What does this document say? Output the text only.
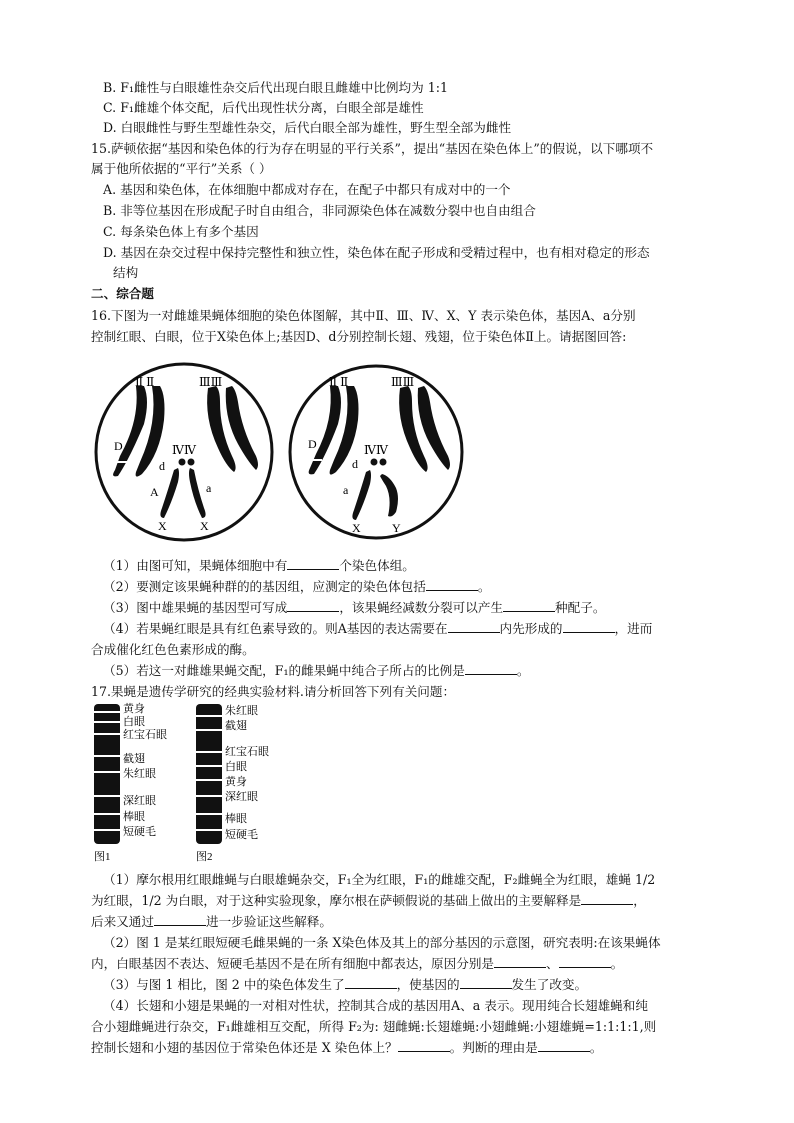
B. F₁雌性与白眼雄性杂交后代出现白眼且雌雄中比例均为 1:1
C. F₁雌雄个体交配，后代出现性状分离，白眼全部是雄性
D. 白眼雌性与野生型雄性杂交，后代白眼全部为雄性，野生型全部为雌性
15.萨顿依据“基因和染色体的行为存在明显的平行关系”，提出“基因在染色体上”的假说，以下哪项不
属于他所依据的“平行”关系（ ）
A. 基因和染色体，在体细胞中都成对存在，在配子中都只有成对中的一个
B. 非等位基因在形成配子时自由组合，非同源染色体在减数分裂中也自由组合
C. 每条染色体上有多个基因
D. 基因在杂交过程中保持完整性和独立性，染色体在配子形成和受精过程中，也有相对稳定的形态
结构
二、综合题
16.下图为一对雌雄果蝇体细胞的染色体图解，其中Ⅱ、Ⅲ、Ⅳ、X、Y 表示染色体，基因A、a分别
控制红眼、白眼，位于X染色体上;基因D、d分别控制长翅、残翅，位于染色体Ⅱ上。请据图回答:
D
d
Ⅱ Ⅱ	ⅢⅢ
ⅣⅣ
A	a
X	X
D
d
Ⅱ Ⅱ	ⅢⅢ
ⅣⅣ
a
X	Y
（1）由图可知，果蝇体细胞中有	个染色体组。
（2）要测定该果蝇种群的的基因组，应测定的染色体包括	。
（3）图中雄果蝇的基因型可写成	，该果蝇经减数分裂可以产生	种配子。
（4）若果蝇红眼是具有红色素导致的。则A基因的表达需要在	内先形成的	，进而
合成催化红色色素形成的酶。
（5）若这一对雌雄果蝇交配，F₁的雌果蝇中纯合子所占的比例是	。
17.果蝇是遗传学研究的经典实验材料.请分析回答下列有关问题：
黄身
白眼
红宝石眼
截翅
朱红眼
深红眼
棒眼
短硬毛
图1
朱红眼
截翅
红宝石眼
白眼
黄身
深红眼
棒眼
短硬毛
图2
（1）摩尔根用红眼雌蝇与白眼雄蝇杂交，F₁全为红眼，F₁的雌雄交配，F₂雌蝇全为红眼，雄蝇 1/2
为红眼，1/2 为白眼，对于这种实验现象，摩尔根在萨顿假说的基础上做出的主要解释是	，
后来又通过	进一步验证这些解释。
（2）图 1 是某红眼短硬毛雌果蝇的一条 X染色体及其上的部分基因的示意图，研究表明:在该果蝇体
内，白眼基因不表达、短硬毛基因不是在所有细胞中都表达，原因分别是	、	。
（3）与图 1 相比，图 2 中的染色体发生了	，使基因的	发生了改变。
（4）长翅和小翅是果蝇的一对相对性状，控制其合成的基因用A、a 表示。现用纯合长翅雄蝇和纯
合小翅雌蝇进行杂交，F₁雌雄相互交配，所得 F₂为: 翅雌蝇:长翅雄蝇:小翅雌蝇:小翅雄蝇=1:1:1:1,则
控制长翅和小翅的基因位于常染色体还是 X 染色体上？	。判断的理由是	。
